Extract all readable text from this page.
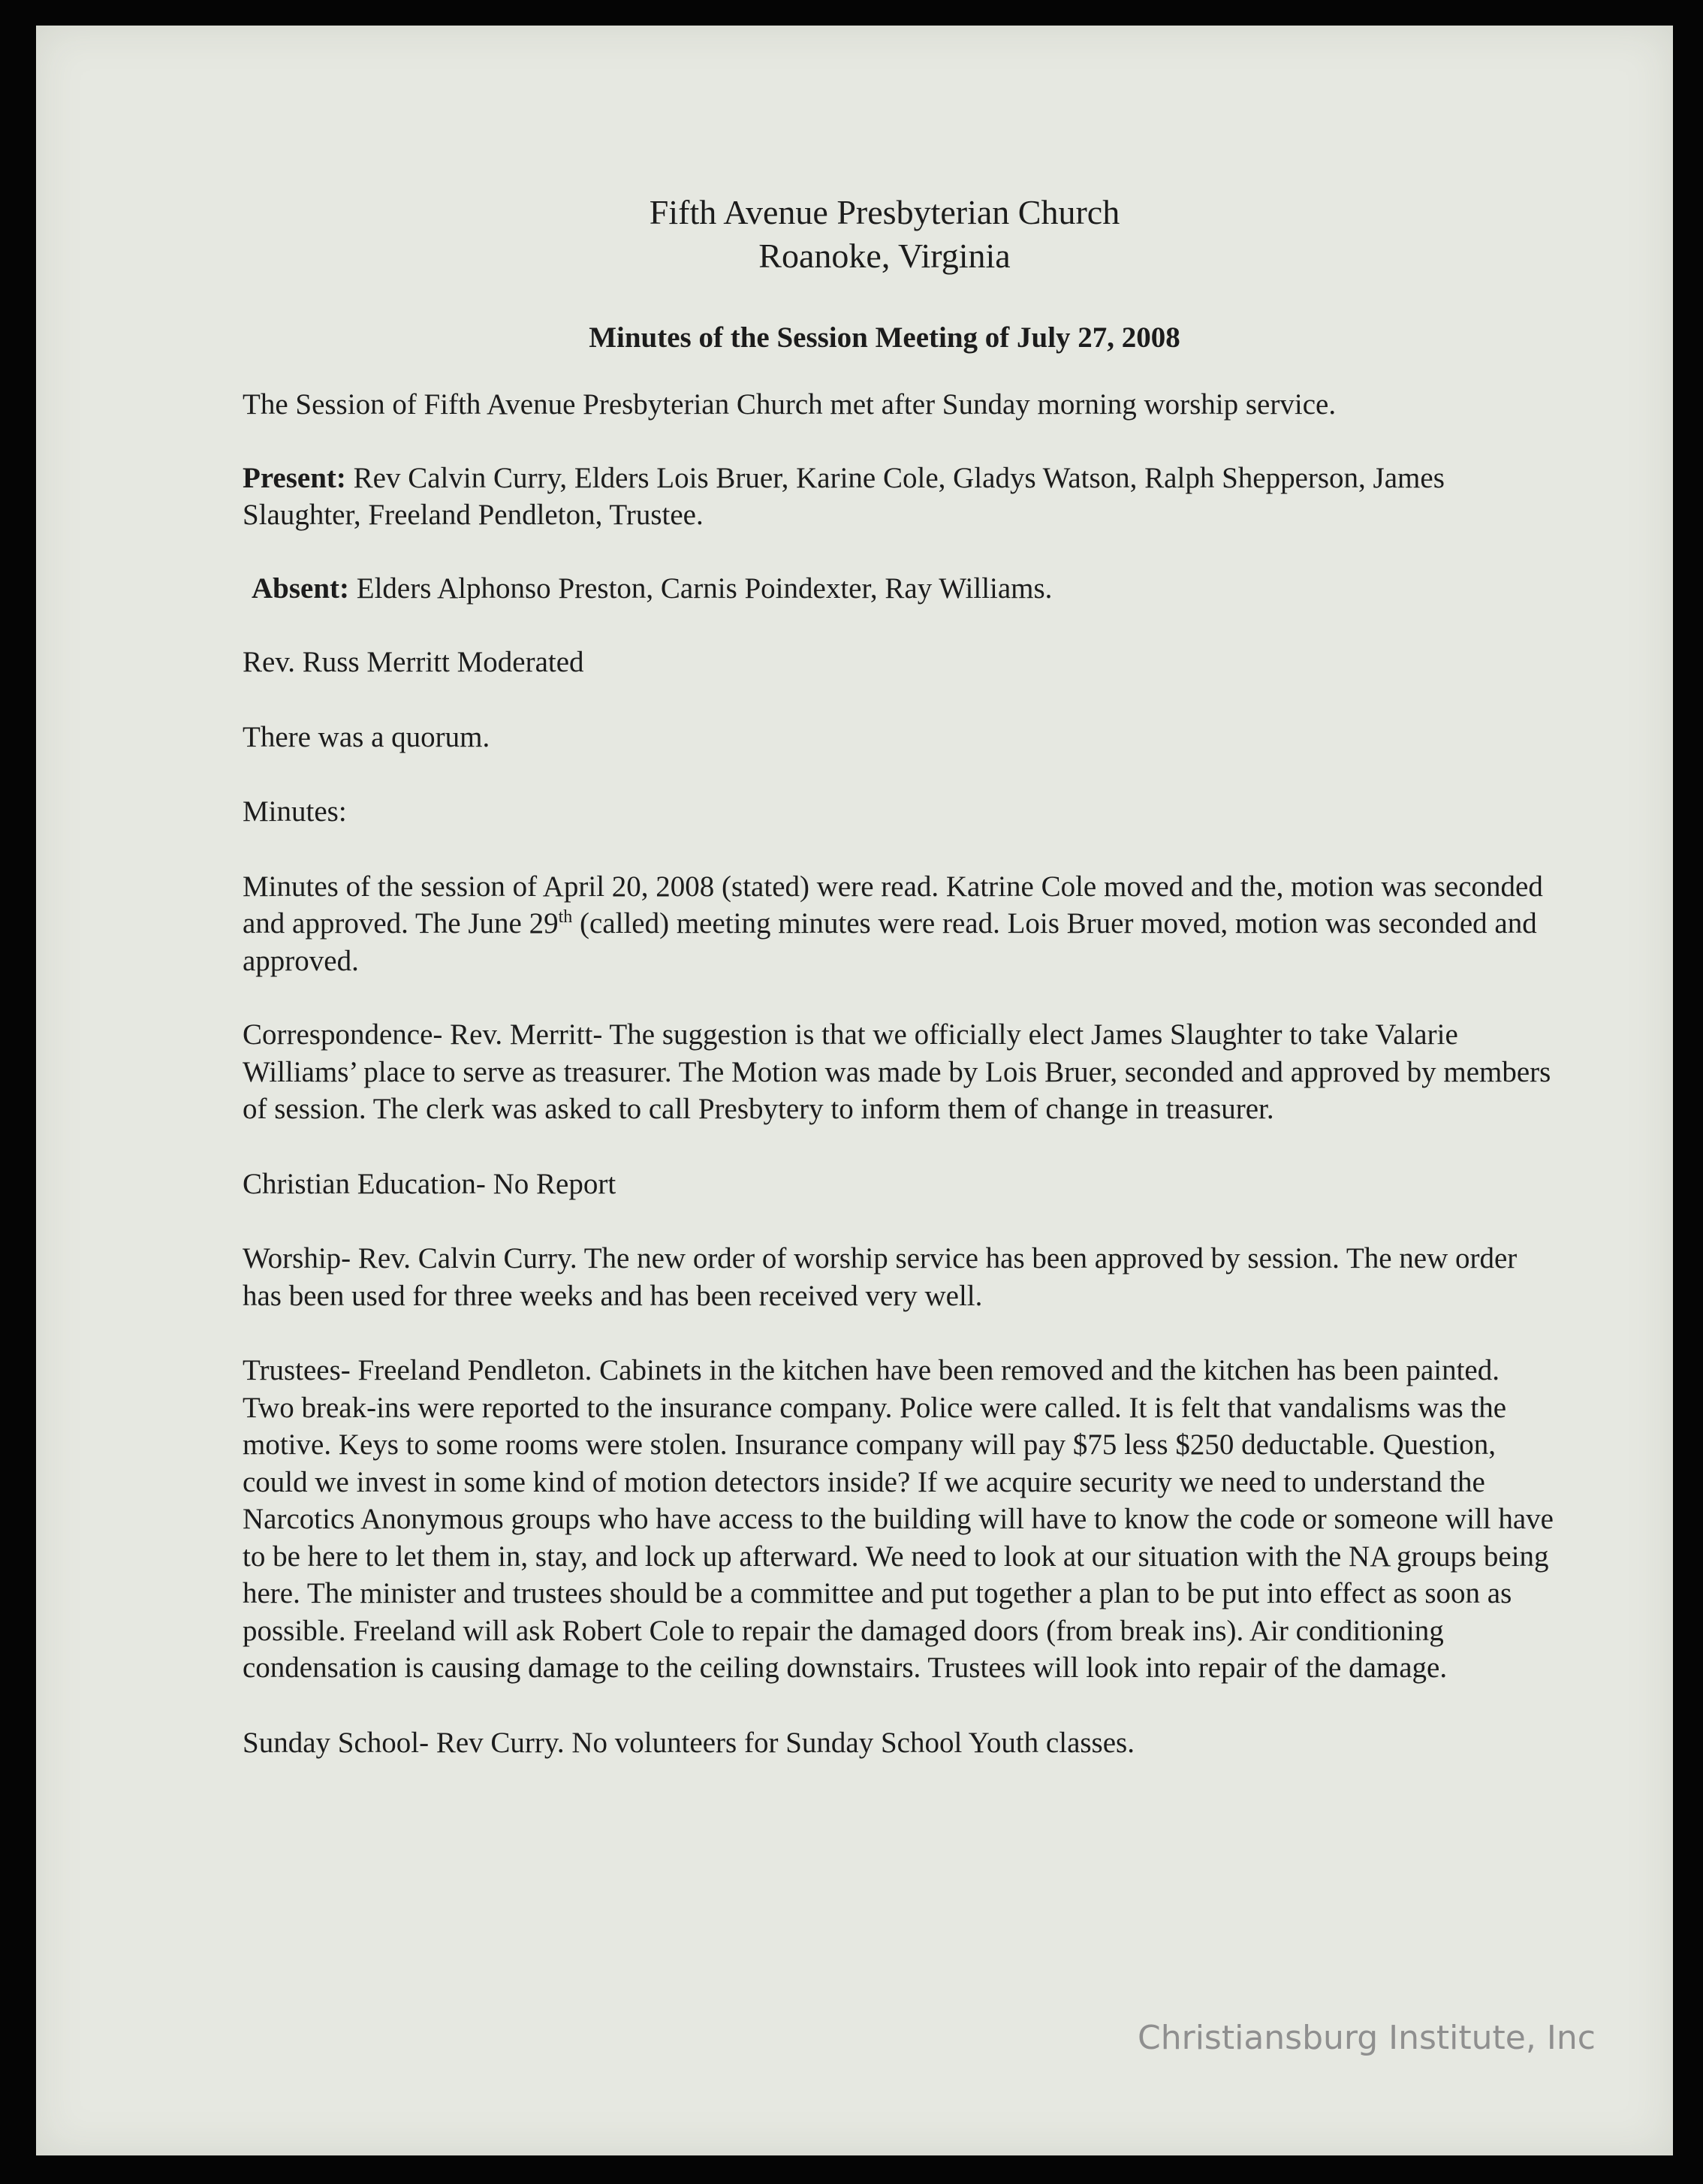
Fifth Avenue Presbyterian Church
Roanoke, Virginia
Minutes of the Session Meeting of July 27, 2008

The Session of Fifth Avenue Presbyterian Church met after Sunday morning worship service.

Present: Rev Calvin Curry, Elders Lois Bruer, Karine Cole, Gladys Watson, Ralph Shepperson, James Slaughter, Freeland Pendleton, Trustee.

Absent: Elders Alphonso Preston, Carnis Poindexter, Ray Williams.

Rev. Russ Merritt Moderated

There was a quorum.

Minutes:

Minutes of the session of April 20, 2008 (stated) were read. Katrine Cole moved and the, motion was seconded and approved. The June 29th (called) meeting minutes were read. Lois Bruer moved, motion was seconded and approved.

Correspondence- Rev. Merritt- The suggestion is that we officially elect James Slaughter to take Valarie Williams’ place to serve as treasurer. The Motion was made by Lois Bruer, seconded and approved by members of session. The clerk was asked to call Presbytery to inform them of change in treasurer.

Christian Education- No Report

Worship- Rev. Calvin Curry. The new order of worship service has been approved by session. The new order has been used for three weeks and has been received very well.

Trustees- Freeland Pendleton. Cabinets in the kitchen have been removed and the kitchen has been painted. Two break-ins were reported to the insurance company. Police were called. It is felt that vandalisms was the motive. Keys to some rooms were stolen. Insurance company will pay $75 less $250 deductable. Question, could we invest in some kind of motion detectors inside? If we acquire security we need to understand the Narcotics Anonymous groups who have access to the building will have to know the code or someone will have to be here to let them in, stay, and lock up afterward. We need to look at our situation with the NA groups being here. The minister and trustees should be a committee and put together a plan to be put into effect as soon as possible. Freeland will ask Robert Cole to repair the damaged doors (from break ins). Air conditioning condensation is causing damage to the ceiling downstairs. Trustees will look into repair of the damage.

Sunday School- Rev Curry. No volunteers for Sunday School Youth classes.

Christiansburg Institute, Inc
